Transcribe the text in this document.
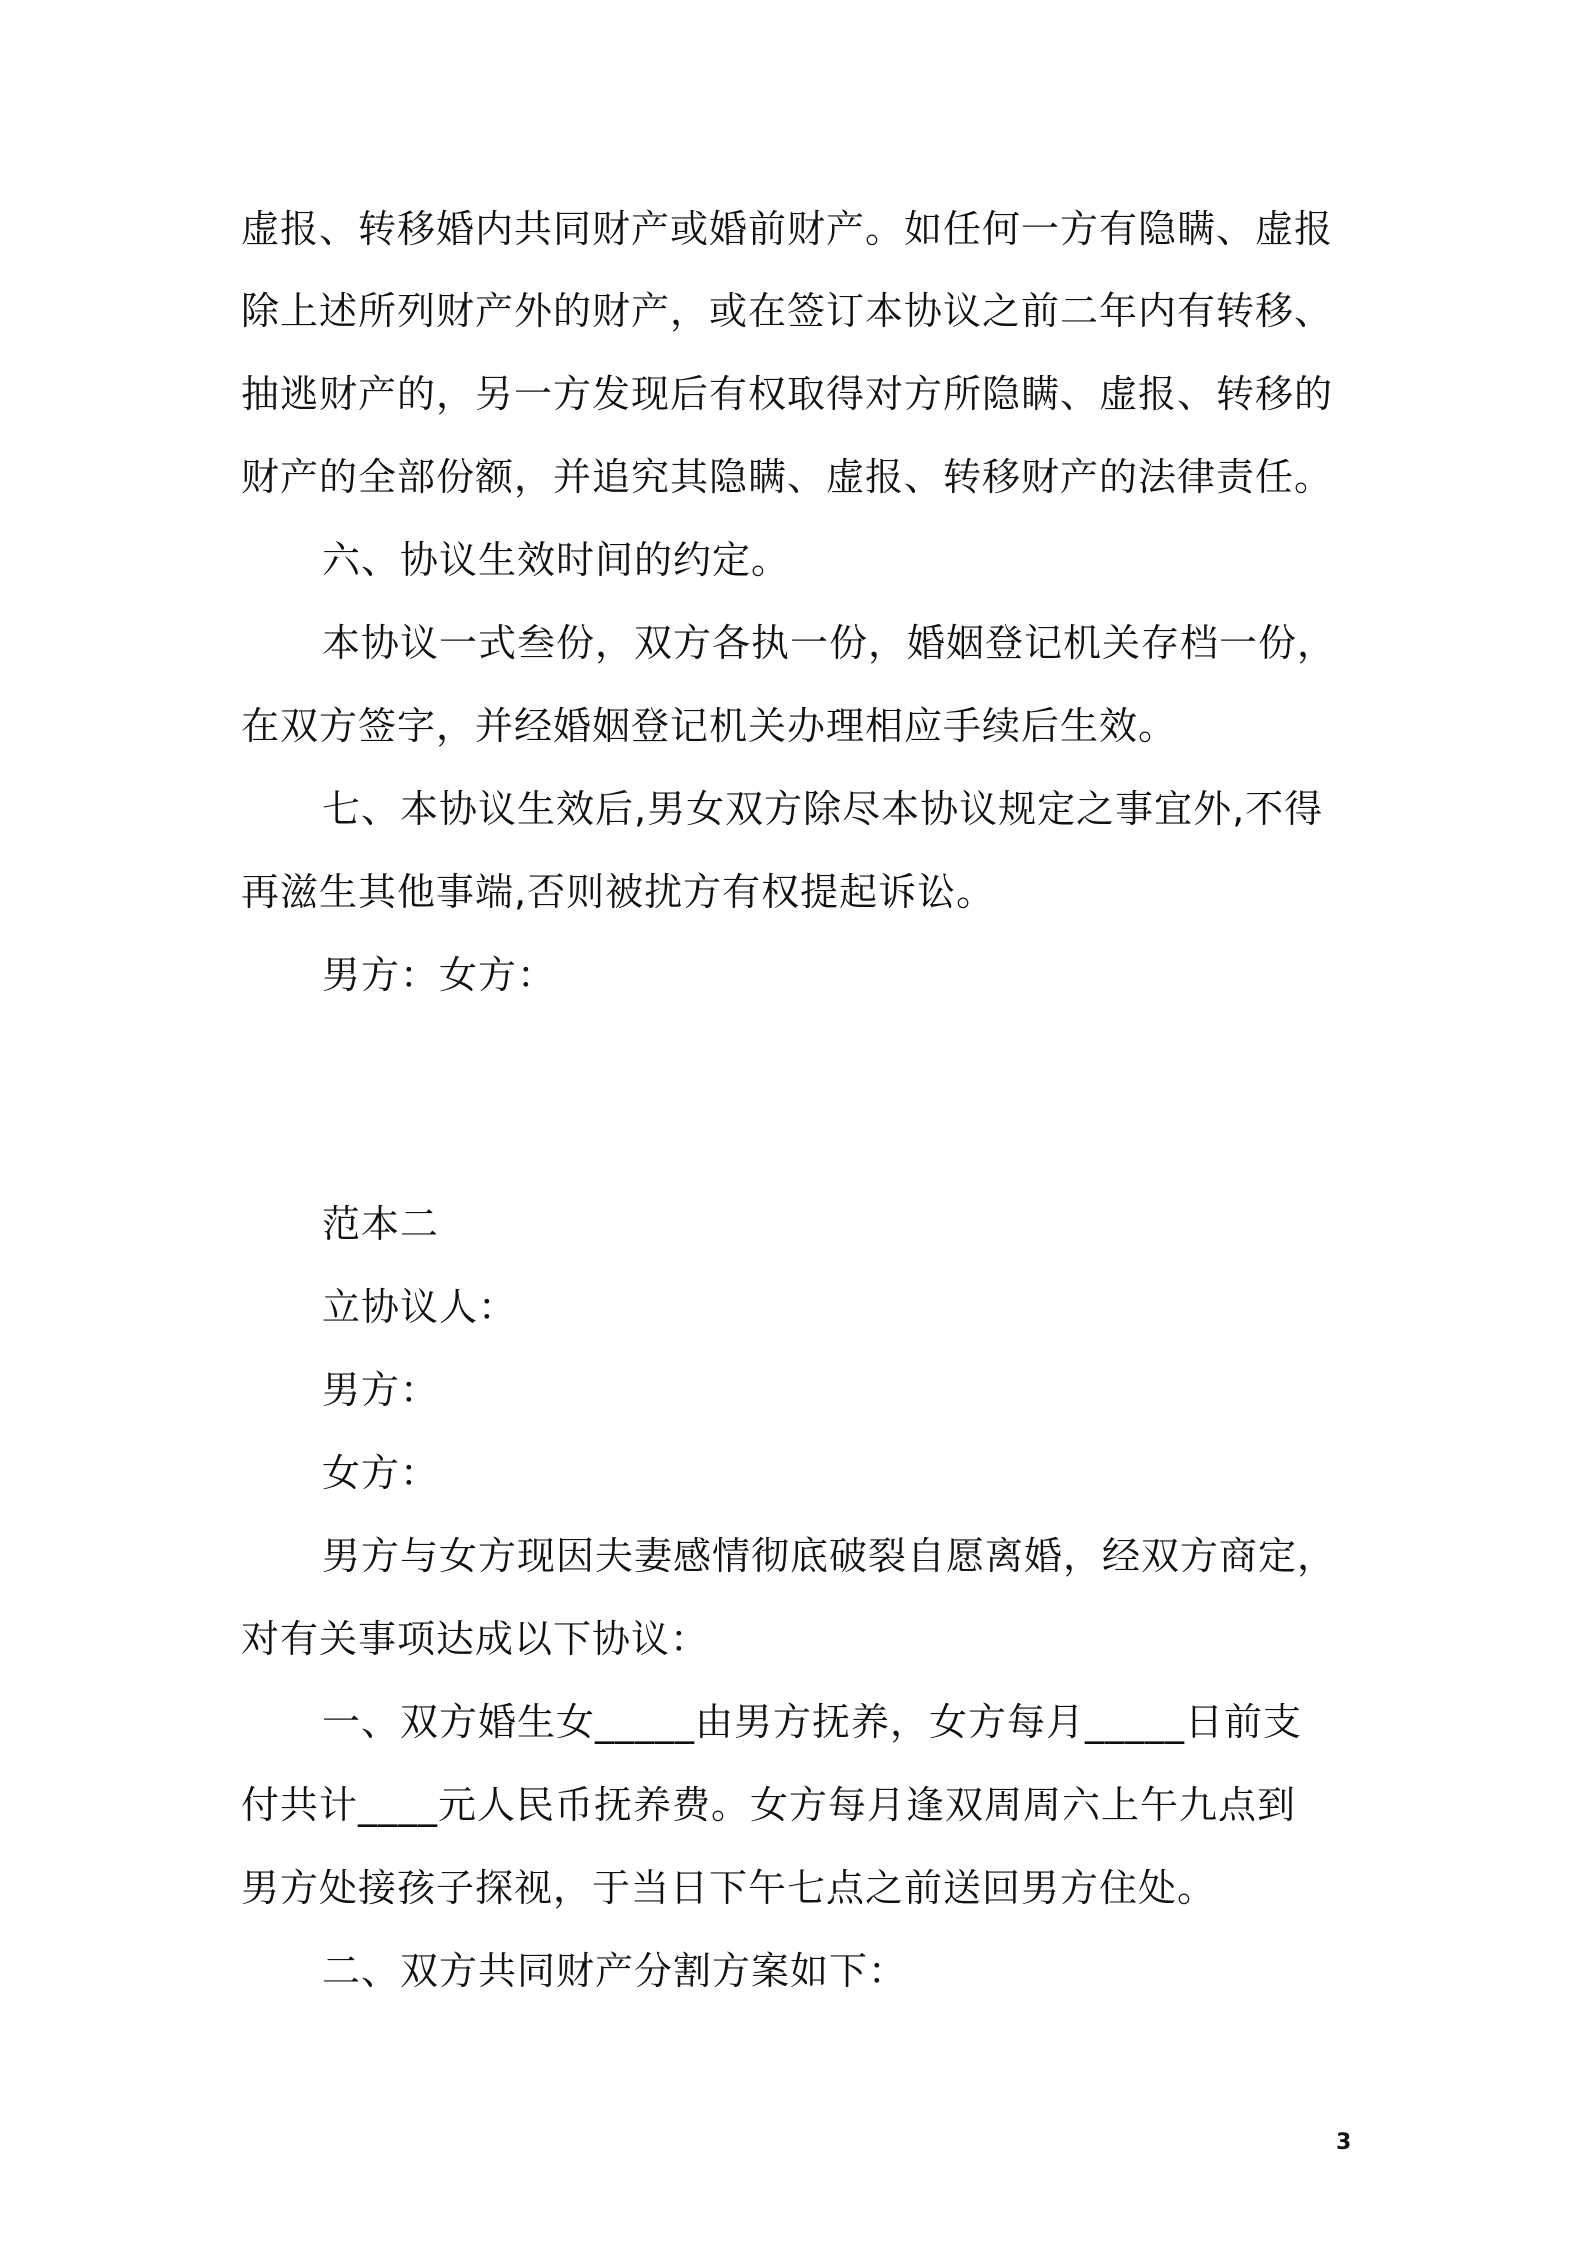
虚报、转移婚内共同财产或婚前财产。如任何一方有隐瞒、虚报
除上述所列财产外的财产，或在签订本协议之前二年内有转移、
抽逃财产的，另一方发现后有权取得对方所隐瞒、虚报、转移的
财产的全部份额，并追究其隐瞒、虚报、转移财产的法律责任。
六、协议生效时间的约定。
本协议一式叁份，双方各执一份，婚姻登记机关存档一份，
在双方签字，并经婚姻登记机关办理相应手续后生效。
七、本协议生效后,男女双方除尽本协议规定之事宜外,不得
再滋生其他事端,否则被扰方有权提起诉讼。
男方：女方：
范本二
立协议人：
男方：
女方：
男方与女方现因夫妻感情彻底破裂自愿离婚，经双方商定，
对有关事项达成以下协议：
一、双方婚生女_____由男方抚养，女方每月_____日前支
付共计____元人民币抚养费。女方每月逢双周周六上午九点到
男方处接孩子探视，于当日下午七点之前送回男方住处。
二、双方共同财产分割方案如下：
3
